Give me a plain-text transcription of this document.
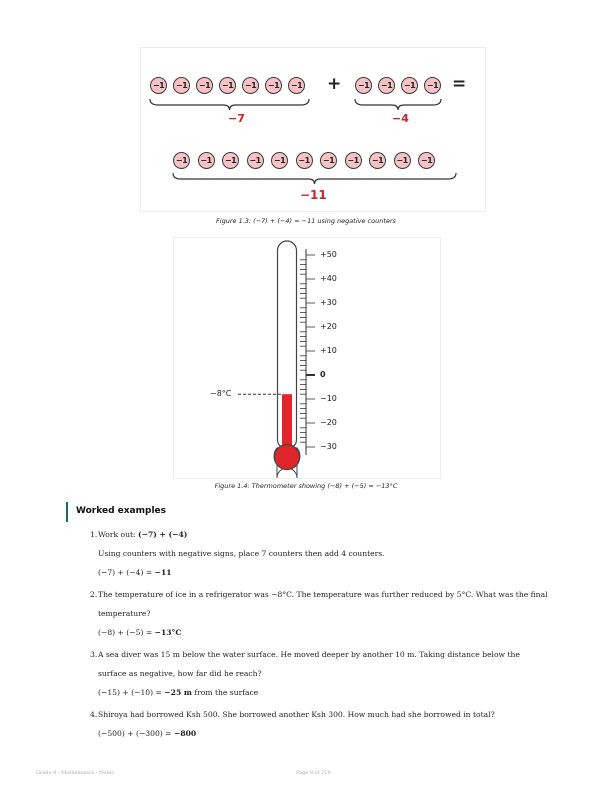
−1	−1	−1	−1	−1	−1	−1	−1	−1	−1	−1
−1	−1	−1	−1	−1	−1	−1	−1	−1	−1	−1
+	=
−7	−4
−11
Figure 1.3: (−7) + (−4) = −11 using negative counters
+50
+40
+30
+20
+10
0
−10
−20
−30
−8°C
Figure 1.4: Thermometer showing (−8) + (−5) = −13°C
Worked examples
1. Work out: (−7) + (−4)
Using counters with negative signs, place 7 counters then add 4 counters.
(−7) + (−4) = −11
2. The temperature of ice in a refrigerator was −8°C. The temperature was further reduced by 5°C. What was the final
temperature?
(−8) + (−5) = −13°C
3. A sea diver was 15 m below the water surface. He moved deeper by another 10 m. Taking distance below the
surface as negative, how far did he reach?
(−15) + (−10) = −25 m from the surface
4. Shiroya had borrowed Ksh 500. She borrowed another Ksh 300. How much had she borrowed in total?
(−500) + (−300) = −800
Grade 9 - Mathematics - Notes	Page 9 of 219
